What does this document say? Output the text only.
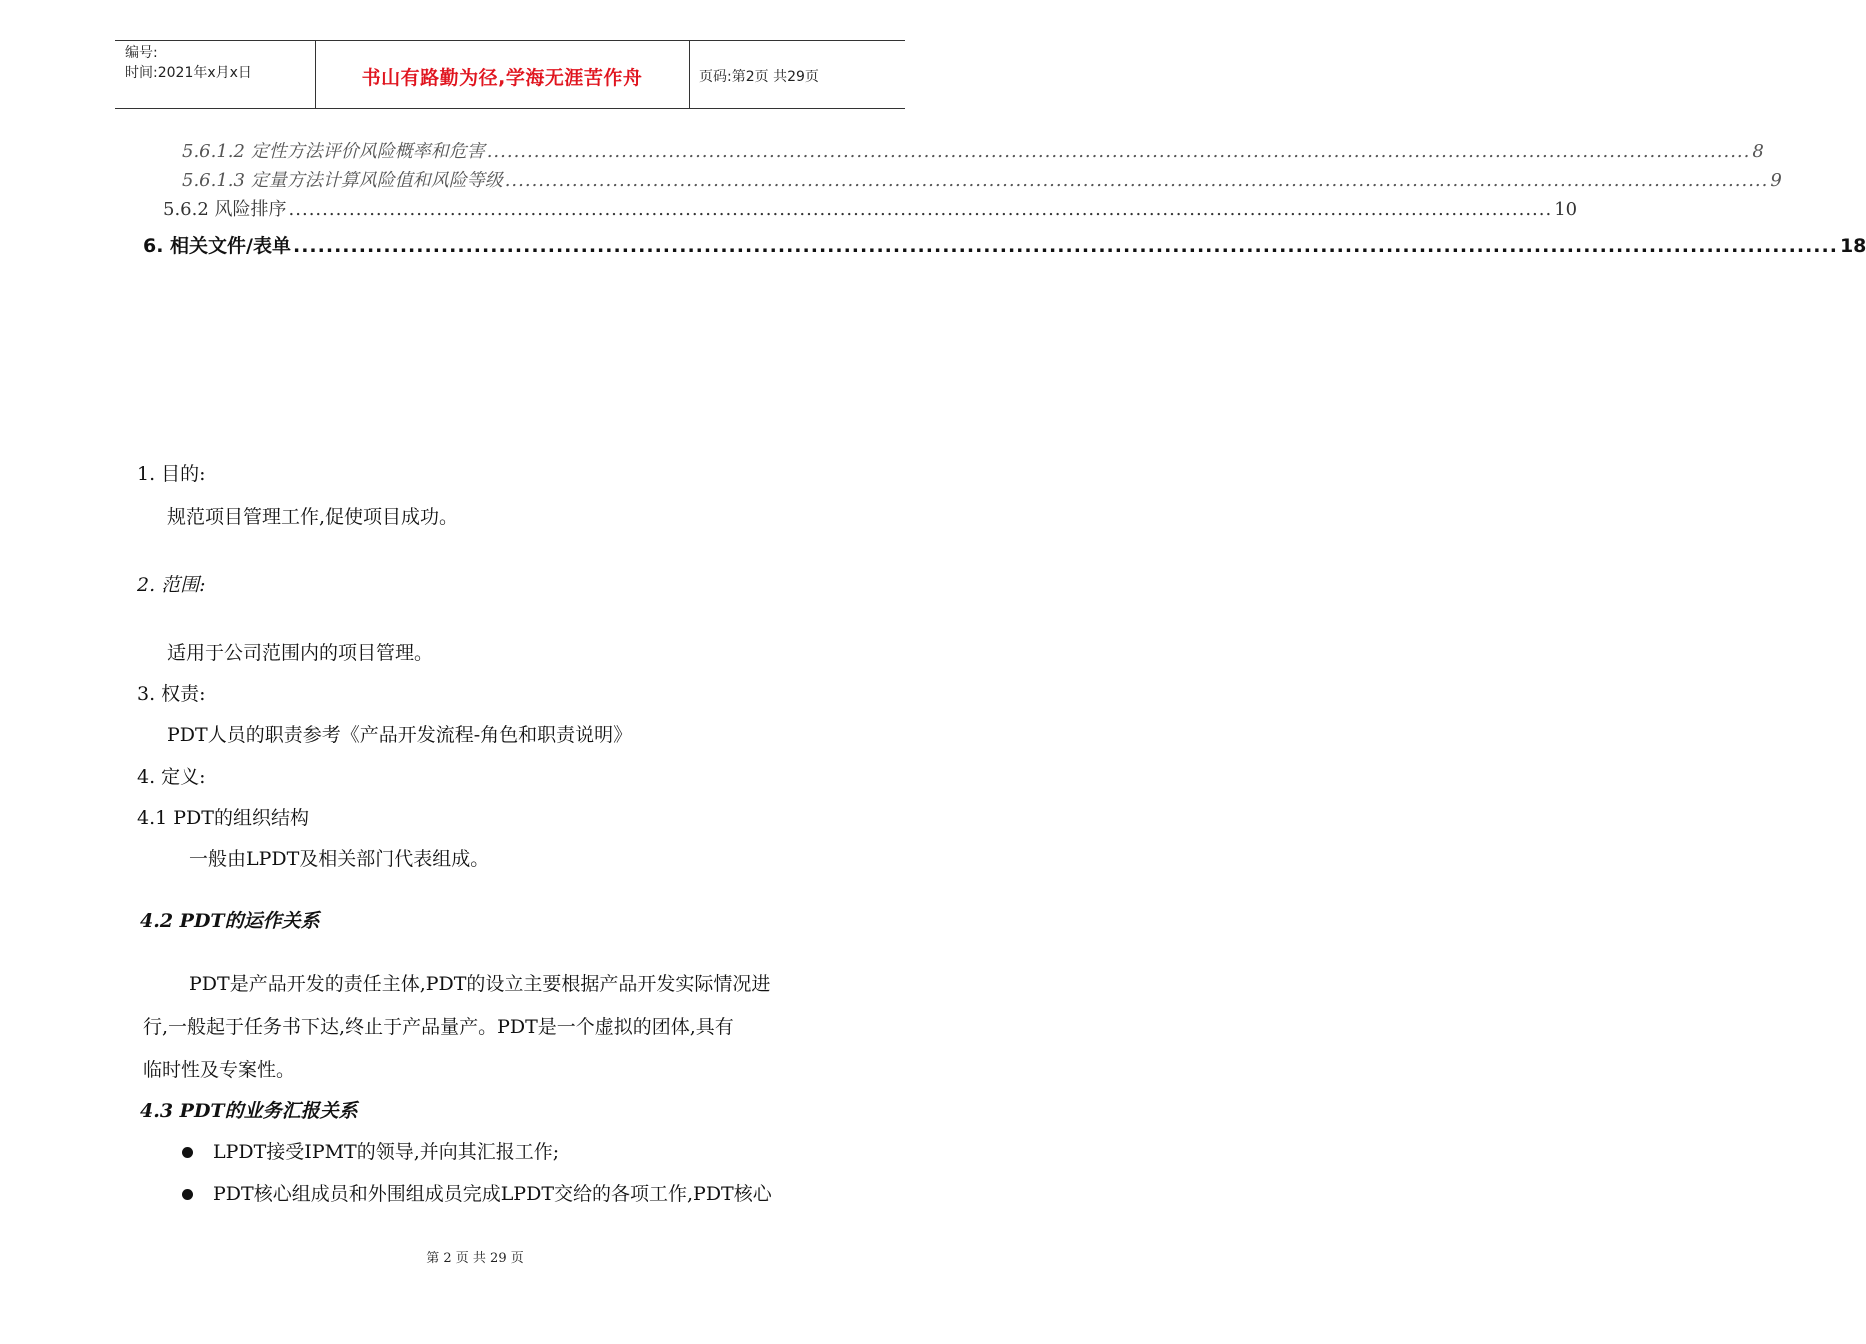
编号:
时间:2021年x月x日	书山有路勤为径,学海无涯苦作舟	页码:第2页 共29页
5.6.1.2 定性方法评价风险概率和危害 ............................................................................................................................................................................................ 8
5.6.1.3 定量方法计算风险值和风险等级 ............................................................................................................................................................................................ 9
5.6.2 风险排序 ............................................................................................................................................................................................ 10
6. 相关文件/表单 ............................................................................................................................................................................................ 18
1. 目的:
规范项目管理工作,促使项目成功。
2. 范围:
适用于公司范围内的项目管理。
3. 权责:
PDT人员的职责参考《产品开发流程-角色和职责说明》
4. 定义:
4.1 PDT的组织结构
一般由LPDT及相关部门代表组成。
4.2 PDT的运作关系
PDT是产品开发的责任主体,PDT的设立主要根据产品开发实际情况进
行,一般起于任务书下达,终止于产品量产。PDT是一个虚拟的团体,具有
临时性及专案性。
4.3 PDT的业务汇报关系
LPDT接受IPMT的领导,并向其汇报工作;
PDT核心组成员和外围组成员完成LPDT交给的各项工作,PDT核心
第 2 页 共 29 页
